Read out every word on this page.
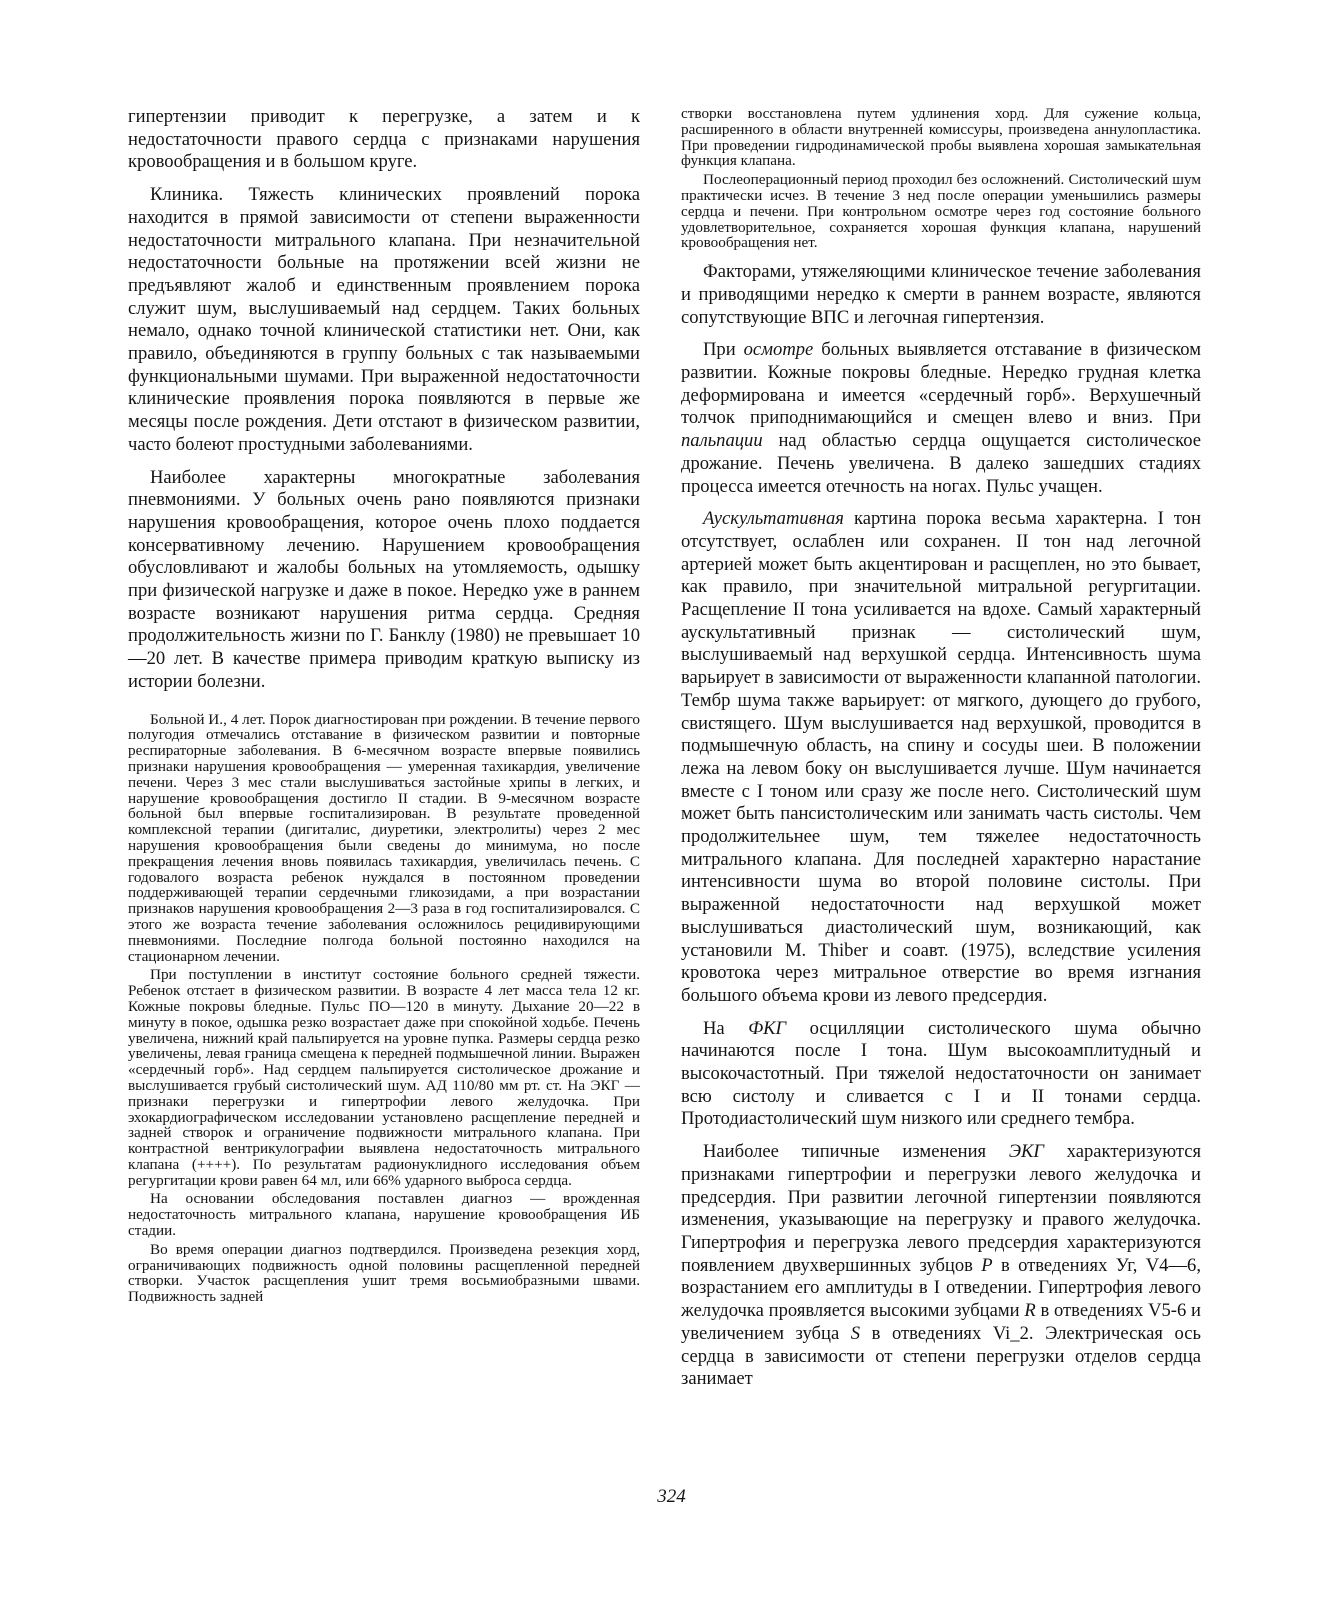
гипертензии приводит к перегрузке, а затем и к недостаточности правого сердца с признаками нарушения кровообращения и в большом круге.

Клиника. Тяжесть клинических проявлений порока находится в прямой зависимости от степени выраженности недостаточности митрального клапана. При незначительной недостаточности больные на протяжении всей жизни не предъявляют жалоб и единственным проявлением порока служит шум, выслушиваемый над сердцем. Таких больных немало, однако точной клинической статистики нет. Они, как правило, объединяются в группу больных с так называемыми функциональными шумами. При выраженной недостаточности клинические проявления порока появляются в первые же месяцы после рождения. Дети отстают в физическом развитии, часто болеют простудными заболеваниями.

Наиболее характерны многократные заболевания пневмониями. У больных очень рано появляются признаки нарушения кровообращения, которое очень плохо поддается консервативному лечению. Нарушением кровообращения обусловливают и жалобы больных на утомляемость, одышку при физической нагрузке и даже в покое. Нередко уже в раннем возрасте возникают нарушения ритма сердца. Средняя продолжительность жизни по Г. Банклу (1980) не превышает 10—20 лет. В качестве примера приводим краткую выписку из истории болезни.

Больной И., 4 лет. Порок диагностирован при рождении. В течение первого полугодия отмечались отставание в физическом развитии и повторные респираторные заболевания. В 6-месячном возрасте впервые появились признаки нарушения кровообращения — умеренная тахикардия, увеличение печени. Через 3 мес стали выслушиваться застойные хрипы в легких, и нарушение кровообращения достигло II стадии. В 9-месячном возрасте больной был впервые госпитализирован. В результате проведенной комплексной терапии (дигиталис, диуретики, электролиты) через 2 мес нарушения кровообращения были сведены до минимума, но после прекращения лечения вновь появилась тахикардия, увеличилась печень. С годовалого возраста ребенок нуждался в постоянном проведении поддерживающей терапии сердечными гликозидами, а при возрастании признаков нарушения кровообращения 2—3 раза в год госпитализировался. С этого же возраста течение заболевания осложнилось рецидивирующими пневмониями. Последние полгода больной постоянно находился на стационарном лечении.

При поступлении в институт состояние больного средней тяжести. Ребенок отстает в физическом развитии. В возрасте 4 лет масса тела 12 кг. Кожные покровы бледные. Пульс ПО—120 в минуту. Дыхание 20—22 в минуту в покое, одышка резко возрастает даже при спокойной ходьбе. Печень увеличена, нижний край пальпируется на уровне пупка. Размеры сердца резко увеличены, левая граница смещена к передней подмышечной линии. Выражен «сердечный горб». Над сердцем пальпируется систолическое дрожание и выслушивается грубый систолический шум. АД 110/80 мм рт. ст. На ЭКГ — признаки перегрузки и гипертрофии левого желудочка. При эхокардиографическом исследовании установлено расщепление передней и задней створок и ограничение подвижности митрального клапана. При контрастной вентрикулографии выявлена недостаточность митрального клапана (++++). По результатам радионуклидного исследования объем регургитации крови равен 64 мл, или 66% ударного выброса сердца.

На основании обследования поставлен диагноз — врожденная недостаточность митрального клапана, нарушение кровообращения ИБ стадии.

Во время операции диагноз подтвердился. Произведена резекция хорд, ограничивающих подвижность одной половины расщепленной передней створки. Участок расщепления ушит тремя восьмиобразными швами. Подвижность задней

створки восстановлена путем удлинения хорд. Для сужение кольца, расширенного в области внутренней комиссуры, произведена аннулопластика. При проведении гидродинамической пробы выявлена хорошая замыкательная функция клапана.

Послеоперационный период проходил без осложнений. Систолический шум практически исчез. В течение 3 нед после операции уменьшились размеры сердца и печени. При контрольном осмотре через год состояние больного удовлетворительное, сохраняется хорошая функция клапана, нарушений кровообращения нет.

Факторами, утяжеляющими клиническое течение заболевания и приводящими нередко к смерти в раннем возрасте, являются сопутствующие ВПС и легочная гипертензия.

При осмотре больных выявляется отставание в физическом развитии. Кожные покровы бледные. Нередко грудная клетка деформирована и имеется «сердечный горб». Верхушечный толчок приподнимающийся и смещен влево и вниз. При пальпации над областью сердца ощущается систолическое дрожание. Печень увеличена. В далеко зашедших стадиях процесса имеется отечность на ногах. Пульс учащен.

Аускультативная картина порока весьма характерна. I тон отсутствует, ослаблен или сохранен. II тон над легочной артерией может быть акцентирован и расщеплен, но это бывает, как правило, при значительной митральной регургитации. Расщепление II тона усиливается на вдохе. Самый характерный аускультативный признак — систолический шум, выслушиваемый над верхушкой сердца. Интенсивность шума варьирует в зависимости от выраженности клапанной патологии. Тембр шума также варьирует: от мягкого, дующего до грубого, свистящего. Шум выслушивается над верхушкой, проводится в подмышечную область, на спину и сосуды шеи. В положении лежа на левом боку он выслушивается лучше. Шум начинается вместе с I тоном или сразу же после него. Систолический шум может быть пансистолическим или занимать часть систолы. Чем продолжительнее шум, тем тяжелее недостаточность митрального клапана. Для последней характерно нарастание интенсивности шума во второй половине систолы. При выраженной недостаточности над верхушкой может выслушиваться диастолический шум, возникающий, как установили M. Thiber и соавт. (1975), вследствие усиления кровотока через митральное отверстие во время изгнания большого объема крови из левого предсердия.

На ФКГ осцилляции систолического шума обычно начинаются после I тона. Шум высокоамплитудный и высокочастотный. При тяжелой недостаточности он занимает всю систолу и сливается с I и II тонами сердца. Протодиастолический шум низкого или среднего тембра.

Наиболее типичные изменения ЭКГ характеризуются признаками гипертрофии и перегрузки левого желудочка и предсердия. При развитии легочной гипертензии появляются изменения, указывающие на перегрузку и правого желудочка. Гипертрофия и перегрузка левого предсердия характеризуются появлением двухвершинных зубцов P в отведениях Уг, V4—6, возрастанием его амплитуды в I отведении. Гипертрофия левого желудочка проявляется высокими зубцами R в отведениях V5-6 и увеличением зубца S в отведениях Vi_2. Электрическая ось сердца в зависимости от степени перегрузки отделов сердца занимает

324
